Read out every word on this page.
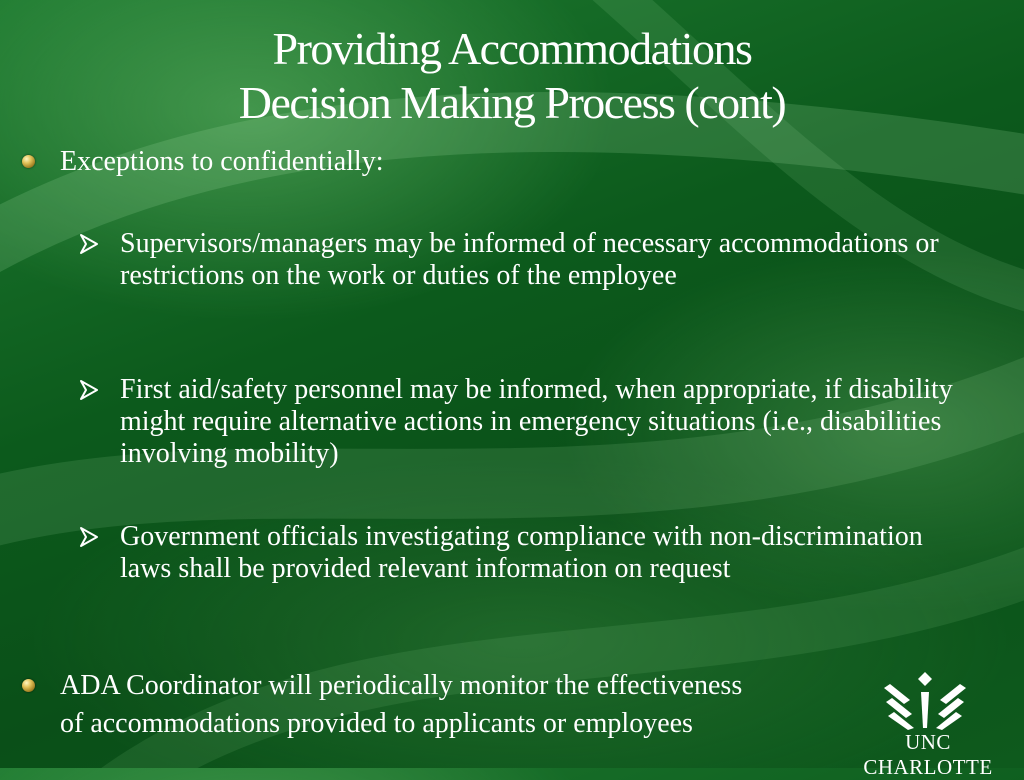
Providing Accommodations
Decision Making Process (cont)
Exceptions to confidentially:
Supervisors/managers may be informed of necessary accommodations or restrictions on the work or duties of the employee
First aid/safety personnel may be informed, when appropriate, if disability might require alternative actions in emergency situations (i.e., disabilities involving mobility)
Government officials investigating compliance with non-discrimination laws shall be provided relevant information on request
ADA Coordinator will periodically monitor the effectiveness
of accommodations provided to applicants or employees
UNC CHARLOTTE
